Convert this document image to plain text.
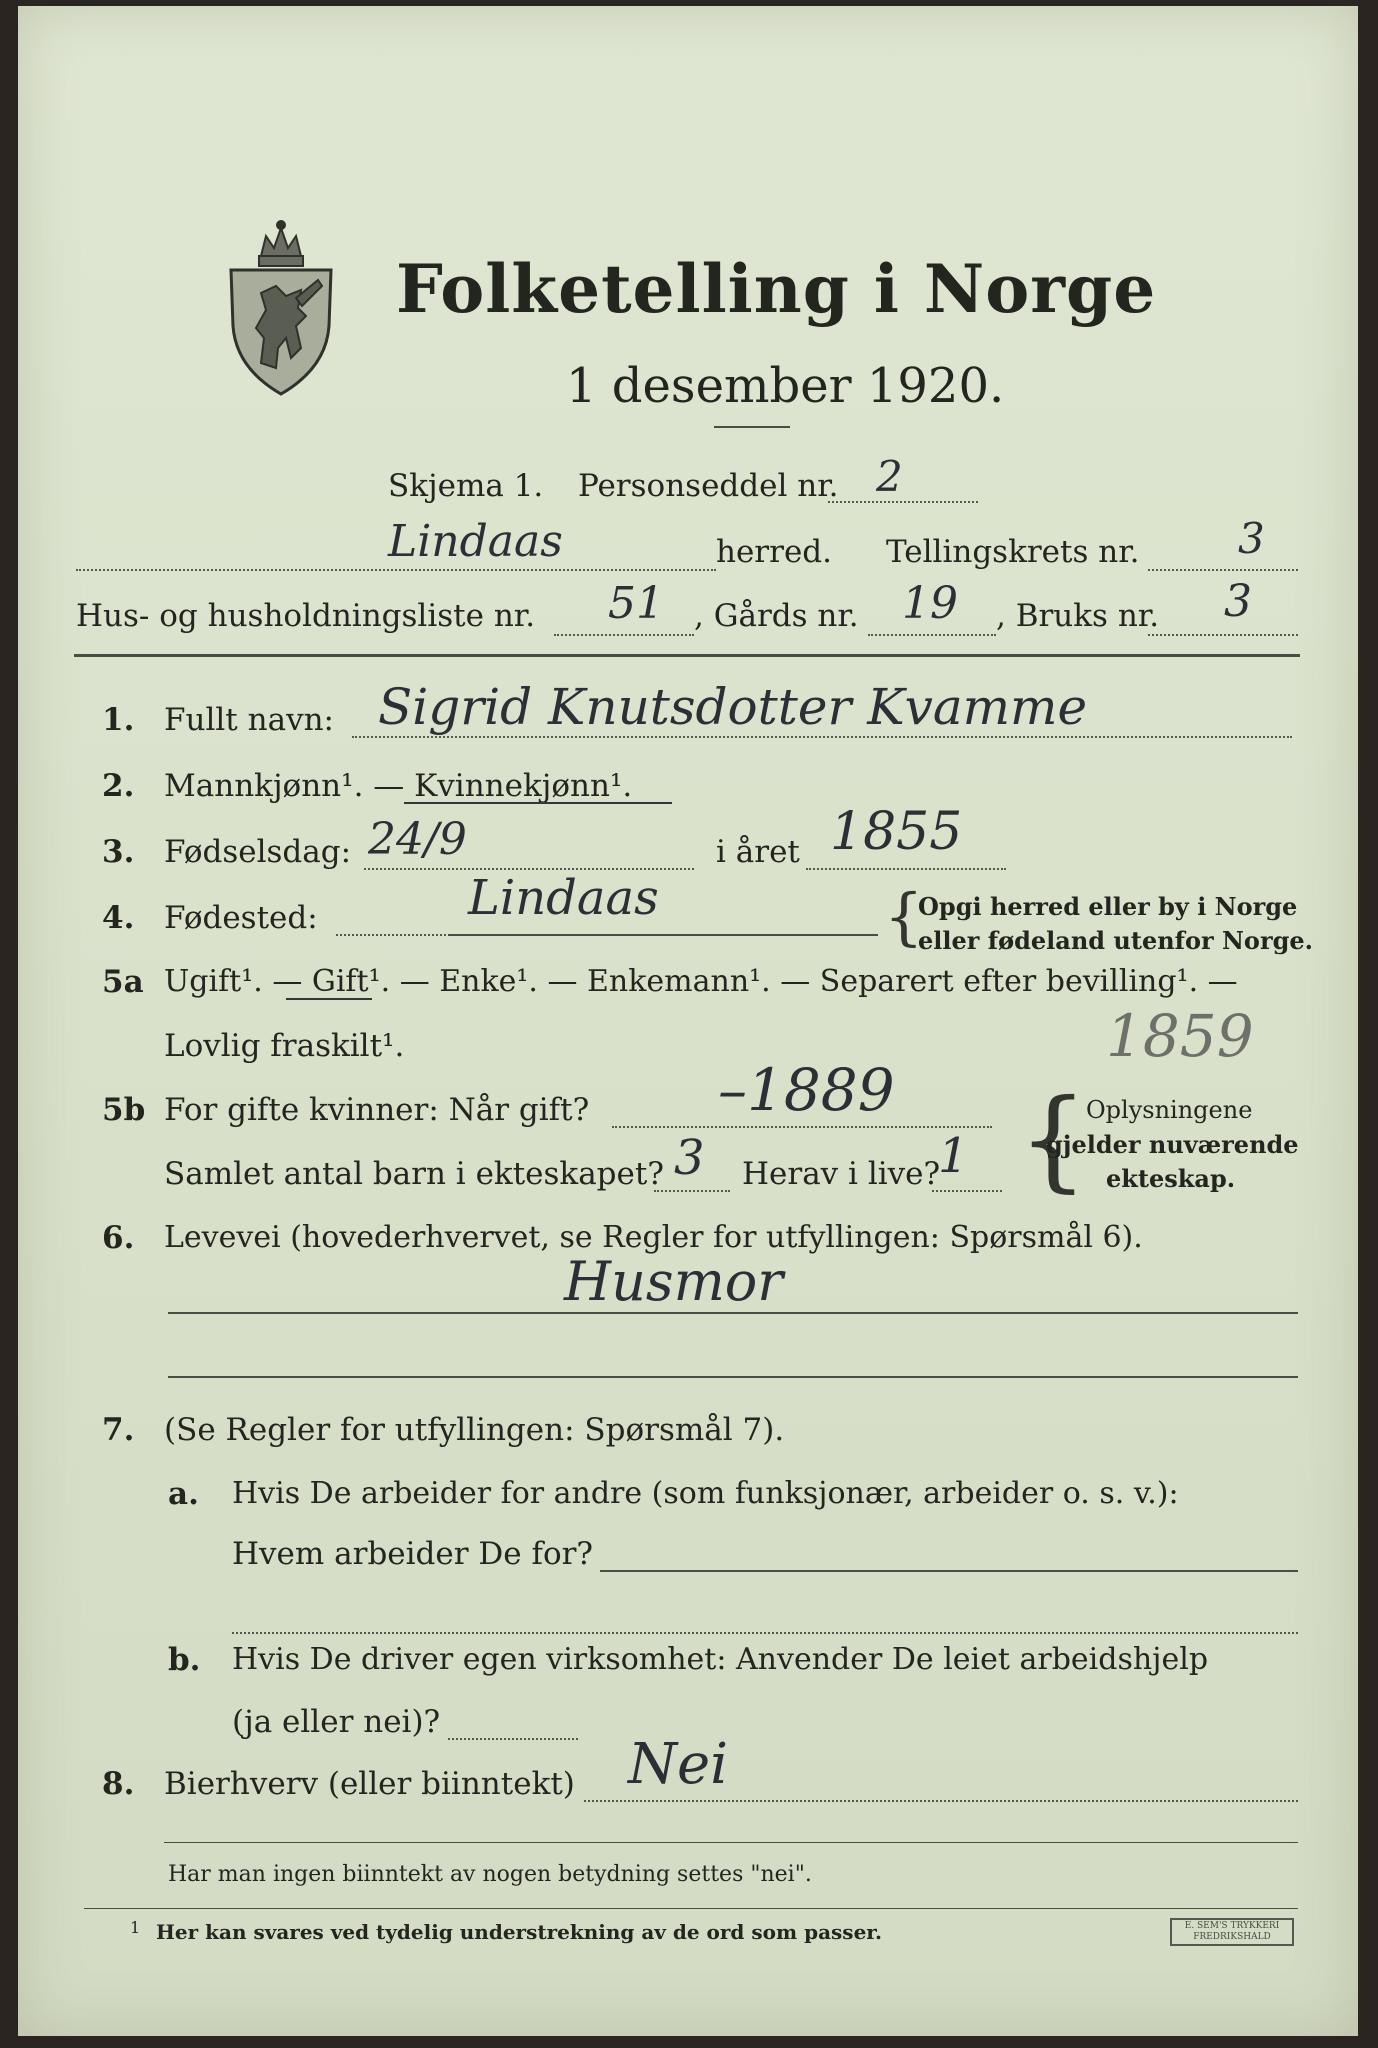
Folketelling i Norge
1 desember 1920.
Skjema 1. Personseddel nr. 2
Lindaas	herred. Tellingskrets nr. 3
Hus- og husholdningsliste nr. 51 , Gårds nr. 19 , Bruks nr. 3
1. Fullt navn: Sigrid Knutsdotter Kvamme
2. Mannkjønn¹. — Kvinnekjønn¹.
3. Fødselsdag: 24/9	i året 1855
4. Fødested:	Lindaas	{
Opgi herred eller by i Norge
eller fødeland utenfor Norge.
5a Ugift¹. — Gift¹. — Enke¹. — Enkemann¹. — Separert efter bevilling¹. —
Lovlig fraskilt¹.	1859
5b For gifte kvinner: Når gift? –1889
Samlet antal barn i ekteskapet? 3 Herav i live?
1 {
Oplysningene
gjelder nuværende
ekteskap.
6. Levevei (hovederhvervet, se Regler for utfyllingen: Spørsmål 6).
Husmor
7. (Se Regler for utfyllingen: Spørsmål 7).
a. Hvis De arbeider for andre (som funksjonær, arbeider o. s. v.):
Hvem arbeider De for?
b. Hvis De driver egen virksomhet: Anvender De leiet arbeidshjelp
(ja eller nei)?
8. Bierhverv (eller biinntekt) Nei
Har man ingen biinntekt av nogen betydning settes "nei".
1 Her kan svares ved tydelig understrekning av de ord som passer.	E. SEM'S TRYKKERI
FREDRIKSHALD
